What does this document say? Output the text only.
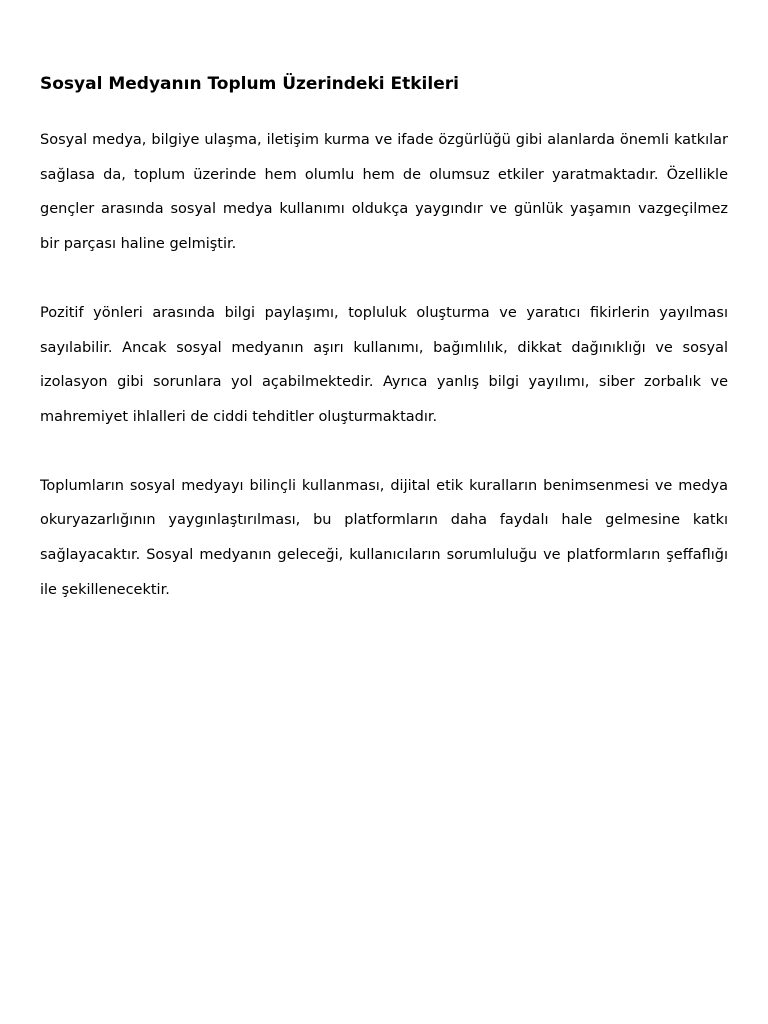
Sosyal Medyanın Toplum Üzerindeki Etkileri

Sosyal medya, bilgiye ulaşma, iletişim kurma ve ifade özgürlüğü gibi alanlarda önemli katkılar sağlasa da, toplum üzerinde hem olumlu hem de olumsuz etkiler yaratmaktadır. Özellikle gençler arasında sosyal medya kullanımı oldukça yaygındır ve günlük yaşamın vazgeçilmez bir parçası haline gelmiştir.

Pozitif yönleri arasında bilgi paylaşımı, topluluk oluşturma ve yaratıcı fikirlerin yayılması sayılabilir. Ancak sosyal medyanın aşırı kullanımı, bağımlılık, dikkat dağınıklığı ve sosyal izolasyon gibi sorunlara yol açabilmektedir. Ayrıca yanlış bilgi yayılımı, siber zorbalık ve mahremiyet ihlalleri de ciddi tehditler oluşturmaktadır.

Toplumların sosyal medyayı bilinçli kullanması, dijital etik kuralların benimsenmesi ve medya okuryazarlığının yaygınlaştırılması, bu platformların daha faydalı hale gelmesine katkı sağlayacaktır. Sosyal medyanın geleceği, kullanıcıların sorumluluğu ve platformların şeffaflığı ile şekillenecektir.
